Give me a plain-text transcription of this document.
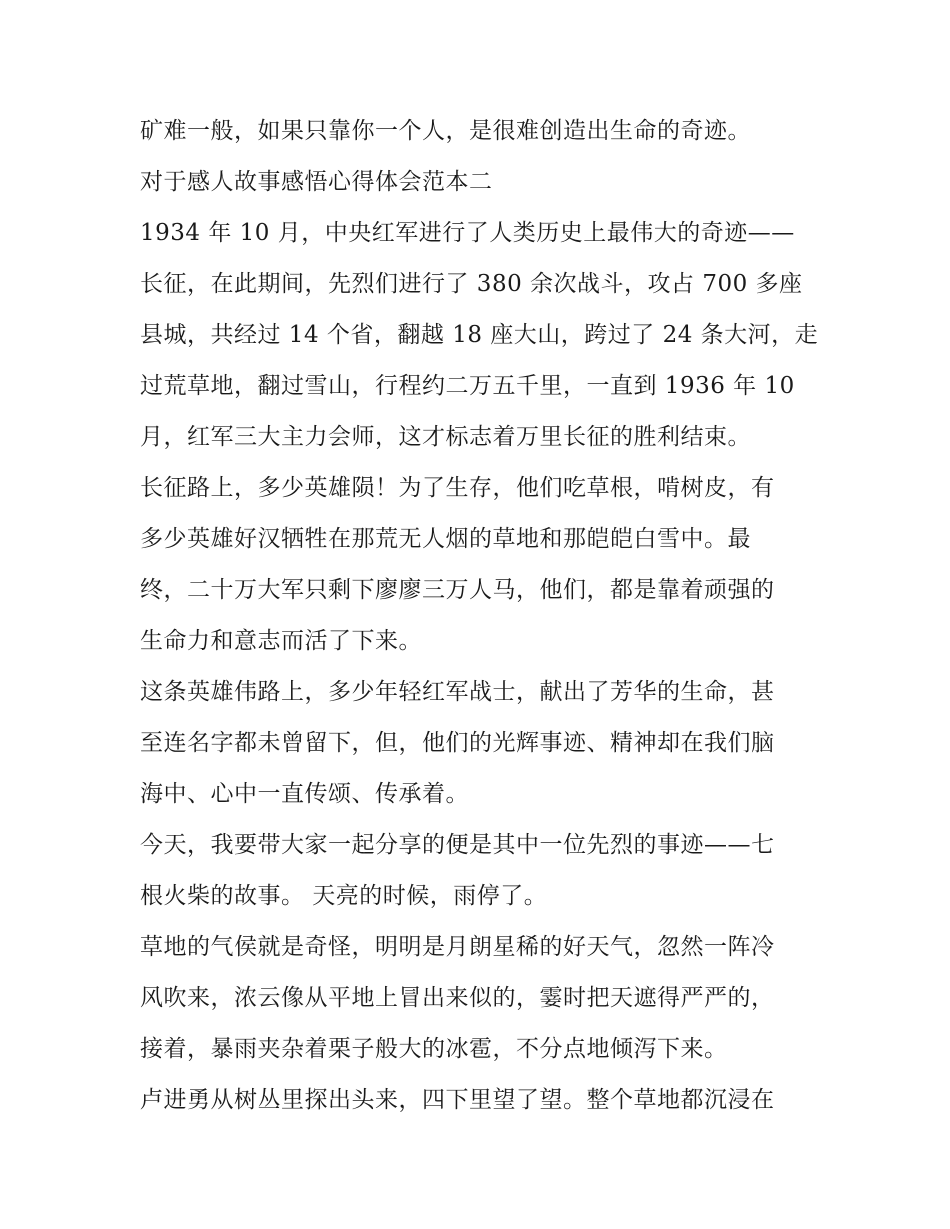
矿难一般，如果只靠你一个人，是很难创造出生命的奇迹。
对于感人故事感悟心得体会范本二
1934 年 10 月，中央红军进行了人类历史上最伟大的奇迹——
长征，在此期间，先烈们进行了 380 余次战斗，攻占 700 多座
县城，共经过 14 个省，翻越 18 座大山，跨过了 24 条大河，走
过荒草地，翻过雪山，行程约二万五千里，一直到 1936 年 10
月，红军三大主力会师，这才标志着万里长征的胜利结束。
长征路上，多少英雄陨！为了生存，他们吃草根，啃树皮，有
多少英雄好汉牺牲在那荒无人烟的草地和那皑皑白雪中。最
终，二十万大军只剩下廖廖三万人马，他们，都是靠着顽强的
生命力和意志而活了下来。
这条英雄伟路上，多少年轻红军战士，献出了芳华的生命，甚
至连名字都未曾留下，但，他们的光辉事迹、精神却在我们脑
海中、心中一直传颂、传承着。
今天，我要带大家一起分享的便是其中一位先烈的事迹——七
根火柴的故事。 天亮的时候，雨停了。
草地的气侯就是奇怪，明明是月朗星稀的好天气，忽然一阵冷
风吹来，浓云像从平地上冒出来似的，霎时把天遮得严严的，
接着，暴雨夹杂着栗子般大的冰雹，不分点地倾泻下来。
卢进勇从树丛里探出头来，四下里望了望。整个草地都沉浸在
